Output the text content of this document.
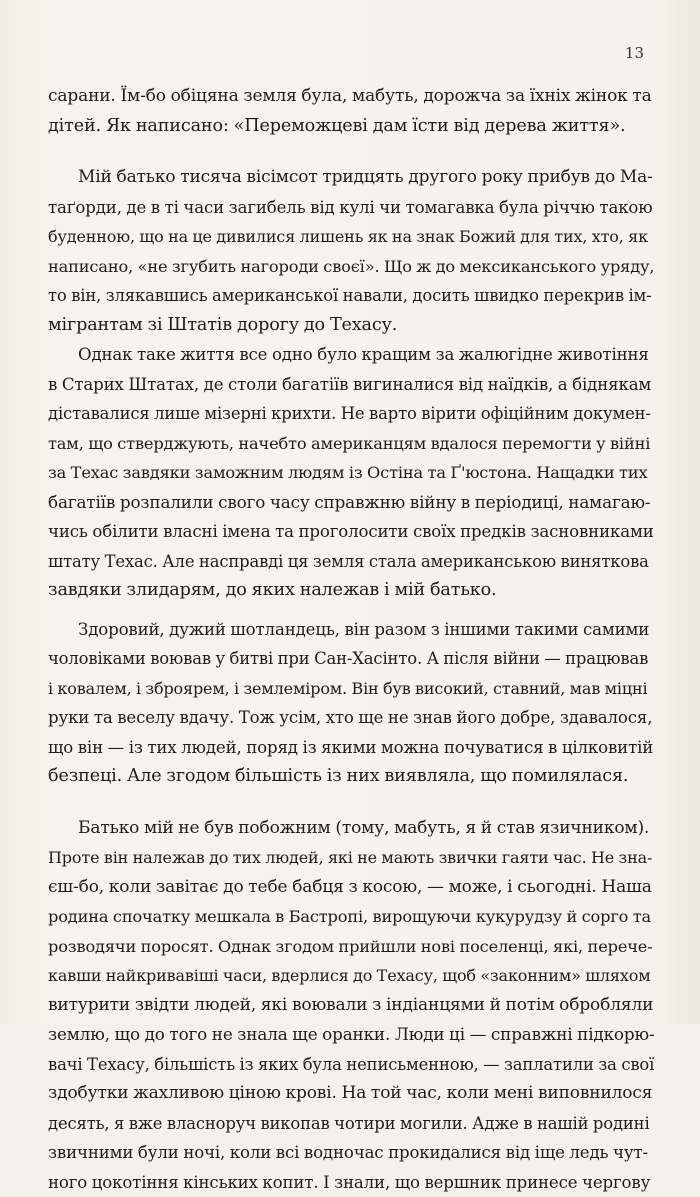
13
сарани. Їм-бо обіцяна земля була, мабуть, дорожча за їхніх жінок та
дітей. Як написано: «Переможцеві дам їсти від дерева життя».
Мій батько тисяча вісімсот тридцять другого року прибув до Ма-
таґорди, де в ті часи загибель від кулі чи томагавка була річчю такою
буденною, що на це дивилися лишень як на знак Божий для тих, хто, як
написано, «не згубить нагороди своєї». Що ж до мексиканського уряду,
то він, злякавшись американської навали, досить швидко перекрив ім-
мігрантам зі Штатів дорогу до Техасу.
Однак таке життя все одно було кращим за жалюгідне животіння
в Старих Штатах, де столи багатіїв вигиналися від наїдків, а біднякам
діставалися лише мізерні крихти. Не варто вірити офіційним докумен-
там, що стверджують, начебто американцям вдалося перемогти у війні
за Техас завдяки заможним людям із Остіна та Ґ'юстона. Нащадки тих
багатіїв розпалили свого часу справжню війну в періодиці, намагаю-
чись обілити власні імена та проголосити своїх предків засновниками
штату Техас. Але насправді ця земля стала американською виняткова
завдяки злидарям, до яких належав і мій батько.
Здоровий, дужий шотландець, він разом з іншими такими самими
чоловіками воював у битві при Сан-Хасінто. А після війни — працював
і ковалем, і зброярем, і землеміром. Він був високий, ставний, мав міцні
руки та веселу вдачу. Тож усім, хто ще не знав його добре, здавалося,
що він — із тих людей, поряд із якими можна почуватися в цілковитій
безпеці. Але згодом більшість із них виявляла, що помилялася.
Батько мій не був побожним (тому, мабуть, я й став язичником).
Проте він належав до тих людей, які не мають звички гаяти час. Не зна-
єш-бо, коли завітає до тебе бабця з косою, — може, і сьогодні. Наша
родина спочатку мешкала в Бастропі, вирощуючи кукурудзу й сорго та
розводячи поросят. Однак згодом прийшли нові поселенці, які, перече-
кавши найкривавіші часи, вдерлися до Техасу, щоб «законним» шляхом
витурити звідти людей, які воювали з індіанцями й потім обробляли
землю, що до того не знала ще оранки. Люди ці — справжні підкорю-
вачі Техасу, більшість із яких була неписьменною, — заплатили за свої
здобутки жахливою ціною крові. На той час, коли мені виповнилося
десять, я вже власноруч викопав чотири могили. Адже в нашій родині
звичними були ночі, коли всі водночас прокидалися від іще ледь чут-
ного цокотіння кінських копит. І знали, що вершник принесе чергову
